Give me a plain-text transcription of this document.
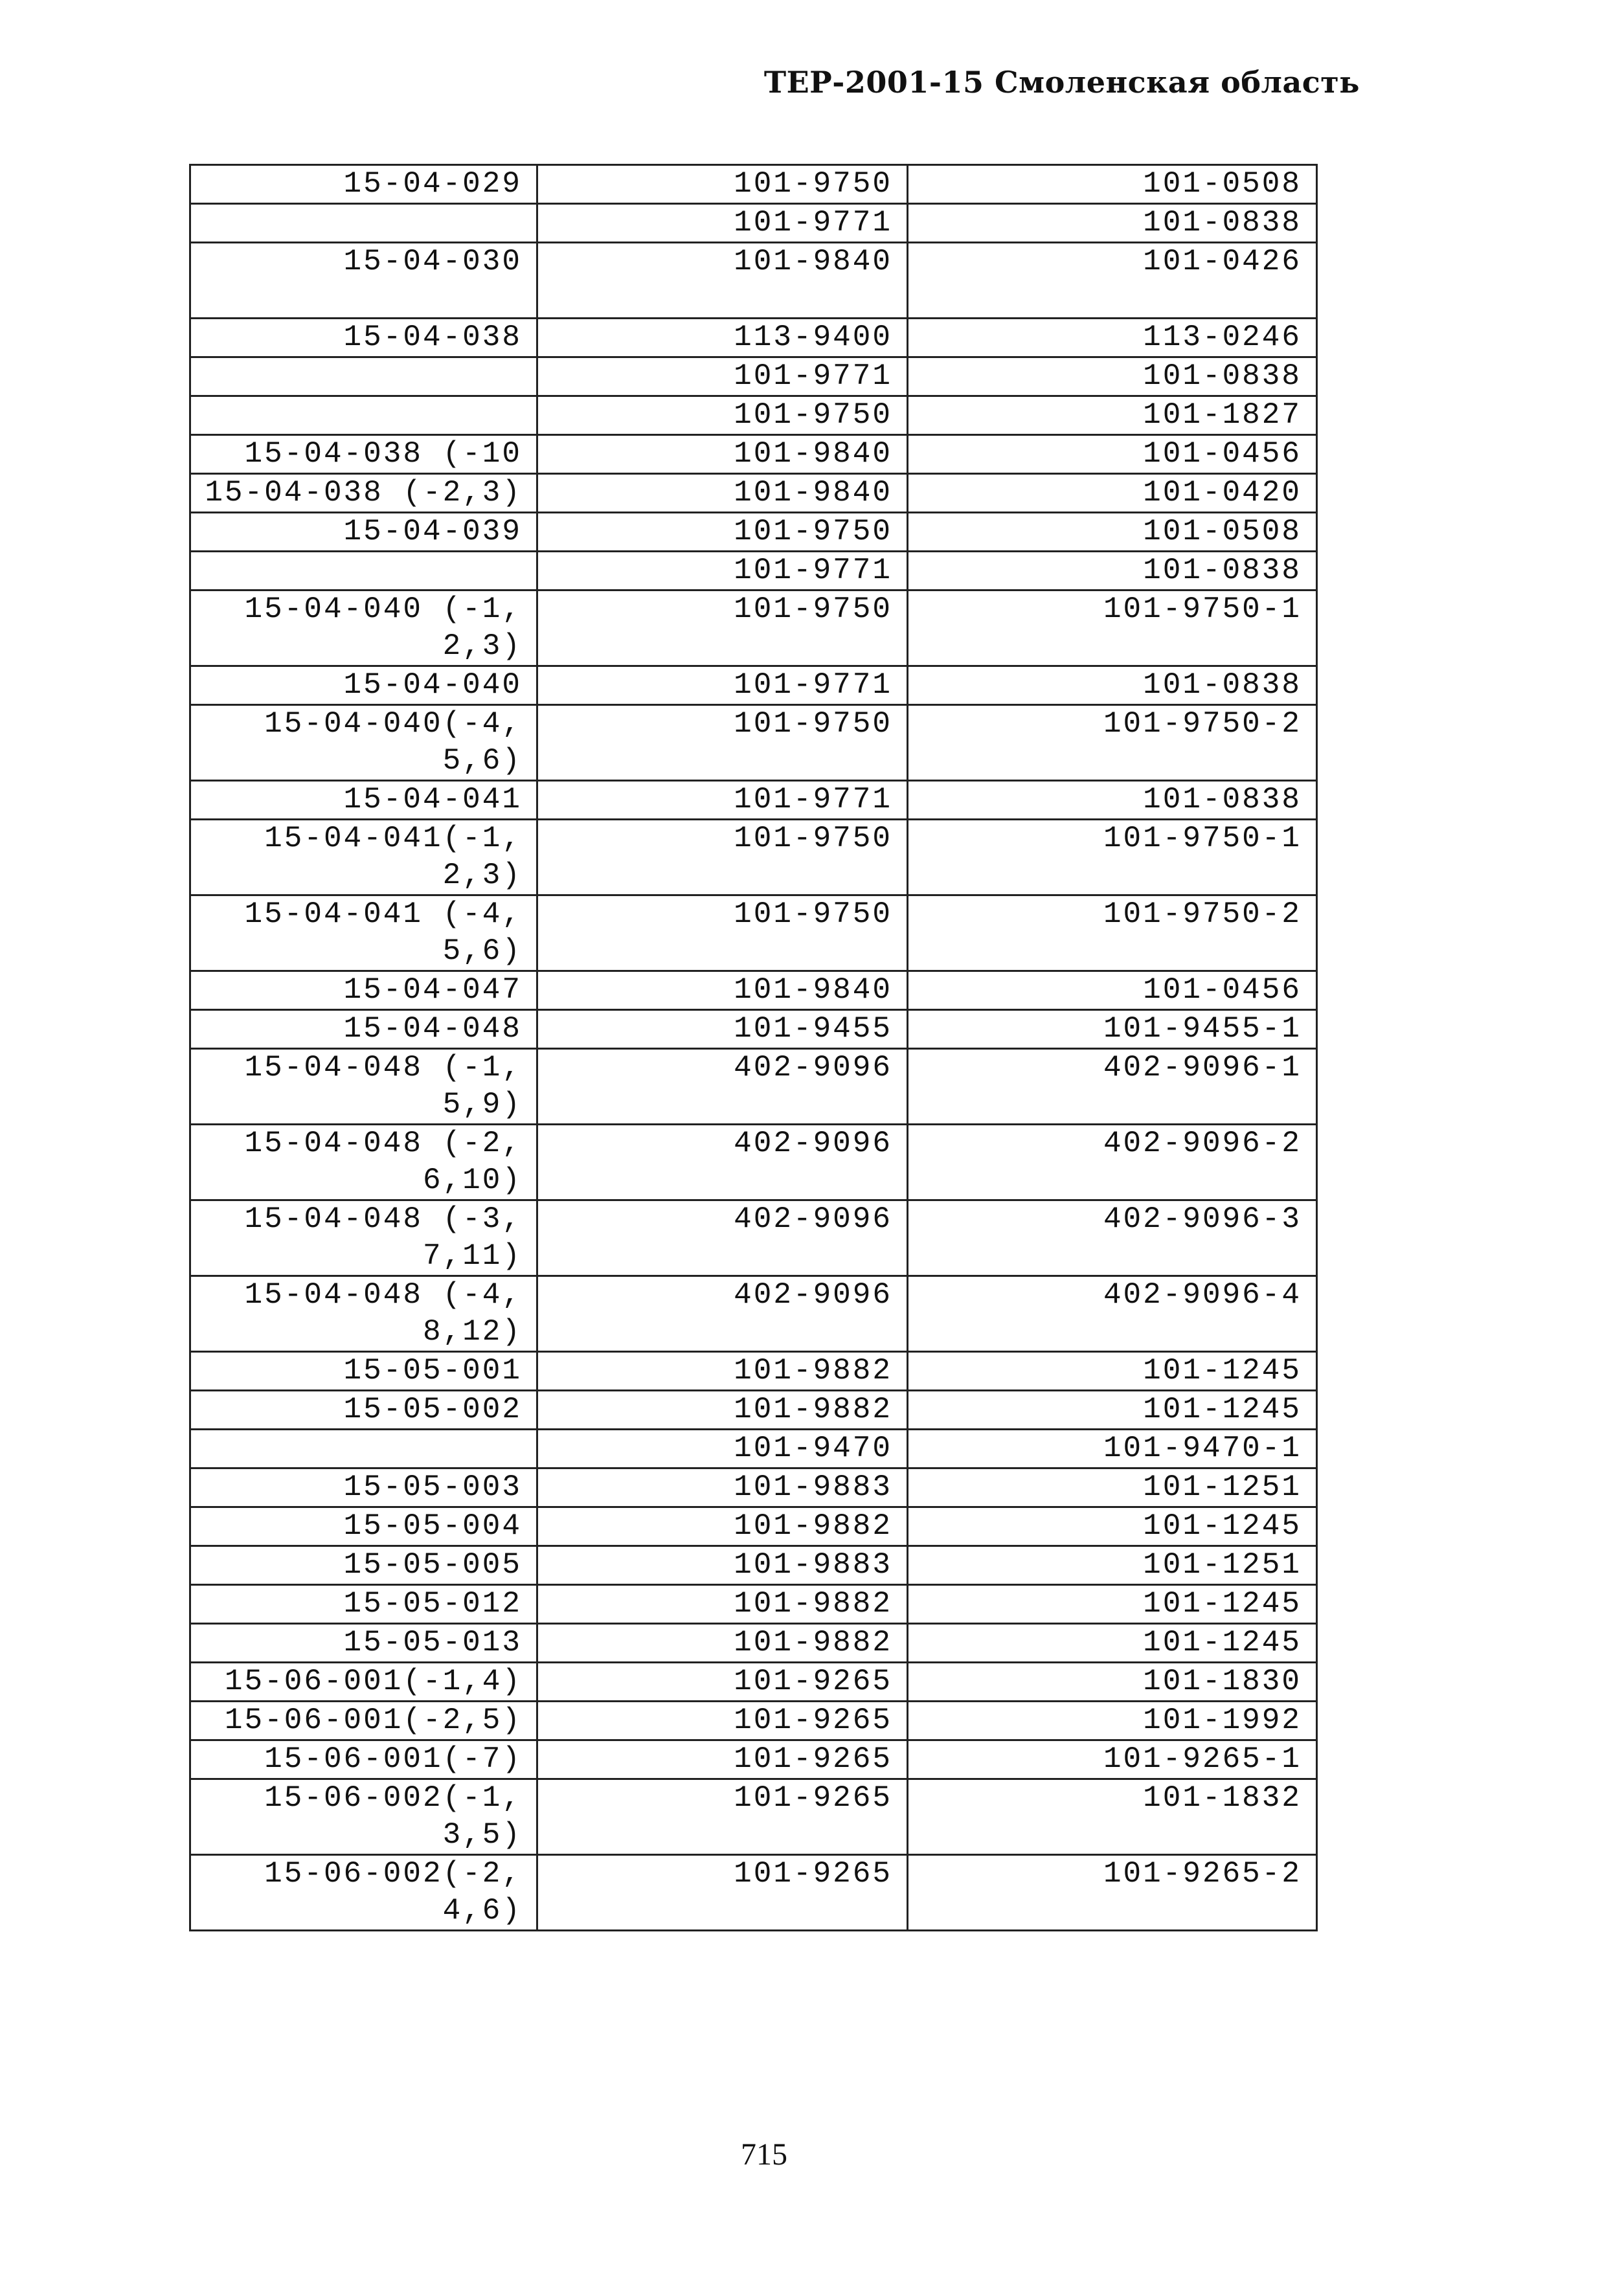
ТЕР-2001-15 Смоленская область
15-04-029	101-9750	101-0508
	101-9771	101-0838
15-04-030	101-9840	101-0426
15-04-038	113-9400	113-0246
	101-9771	101-0838
	101-9750	101-1827
15-04-038 (-10	101-9840	101-0456
15-04-038 (-2,3)	101-9840	101-0420
15-04-039	101-9750	101-0508
	101-9771	101-0838
15-04-040 (-1,
2,3)	101-9750	101-9750-1
15-04-040	101-9771	101-0838
15-04-040(-4,
5,6)	101-9750	101-9750-2
15-04-041	101-9771	101-0838
15-04-041(-1,
2,3)	101-9750	101-9750-1
15-04-041 (-4,
5,6)	101-9750	101-9750-2
15-04-047	101-9840	101-0456
15-04-048	101-9455	101-9455-1
15-04-048 (-1,
5,9)	402-9096	402-9096-1
15-04-048 (-2,
6,10)	402-9096	402-9096-2
15-04-048 (-3,
7,11)	402-9096	402-9096-3
15-04-048 (-4,
8,12)	402-9096	402-9096-4
15-05-001	101-9882	101-1245
15-05-002	101-9882	101-1245
	101-9470	101-9470-1
15-05-003	101-9883	101-1251
15-05-004	101-9882	101-1245
15-05-005	101-9883	101-1251
15-05-012	101-9882	101-1245
15-05-013	101-9882	101-1245
15-06-001(-1,4)	101-9265	101-1830
15-06-001(-2,5)	101-9265	101-1992
15-06-001(-7)	101-9265	101-9265-1
15-06-002(-1,
3,5)	101-9265	101-1832
15-06-002(-2,
4,6)	101-9265	101-9265-2
715
